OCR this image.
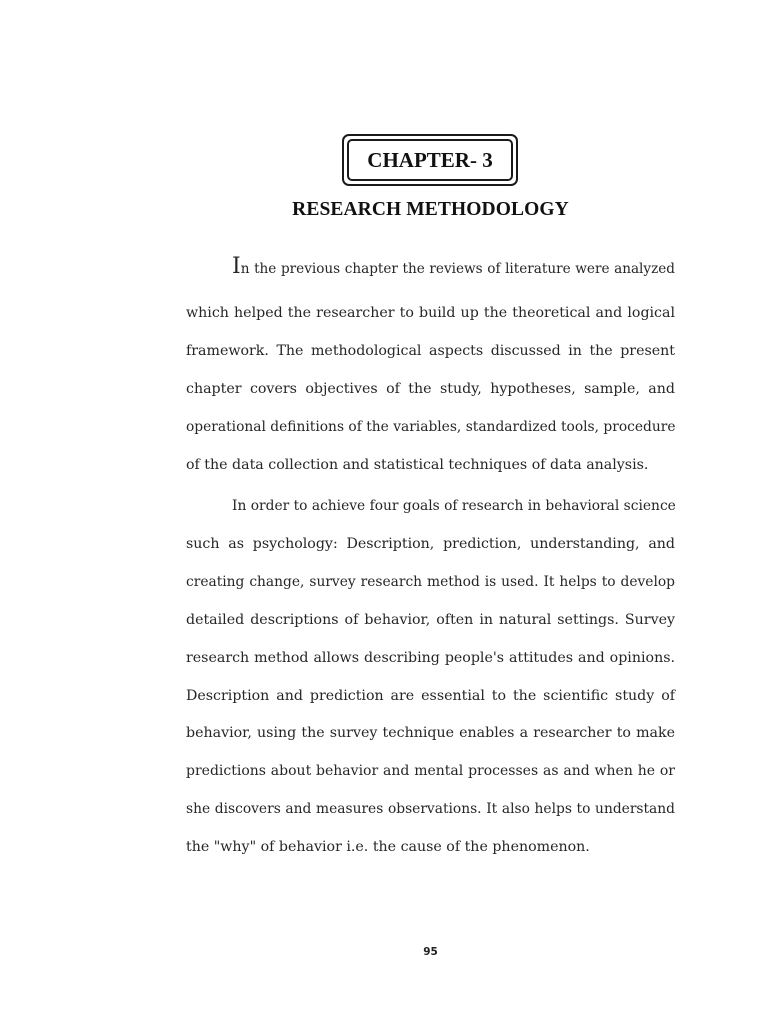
CHAPTER- 3
RESEARCH METHODOLOGY
In the previous chapter the reviews of literature were analyzed
which helped the researcher to build up the theoretical and logical
framework. The methodological aspects discussed in the present
chapter covers objectives of the study, hypotheses, sample, and
operational definitions of the variables, standardized tools, procedure
of the data collection and statistical techniques of data analysis.
In order to achieve four goals of research in behavioral science
such as psychology: Description, prediction, understanding, and
creating change, survey research method is used. It helps to develop
detailed descriptions of behavior, often in natural settings. Survey
research method allows describing people's attitudes and opinions.
Description and prediction are essential to the scientific study of
behavior, using the survey technique enables a researcher to make
predictions about behavior and mental processes as and when he or
she discovers and measures observations. It also helps to understand
the "why" of behavior i.e. the cause of the phenomenon.
95
